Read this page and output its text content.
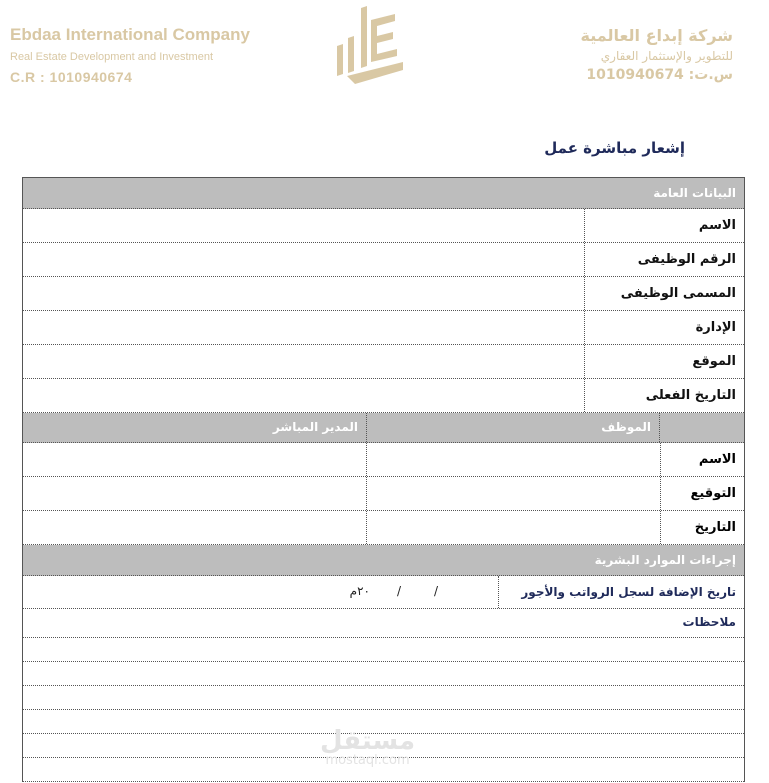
Ebdaa International Company
Real Estate Development and Investment
C.R : 1010940674
شركة إبداع العالمية
للتطوير والإستثمار العقاري
س.ت: 1010940674
إشعار مباشرة عمل
البيانات العامة
الاسم
الرقم الوظيفى
المسمى الوظيفى
الإدارة
الموقع
التاريخ الفعلى
الموظف
المدير المباشر
الاسم
التوقيع
التاريخ
إجراءات الموارد البشرية
تاريخ الإضافة لسجل الرواتب والأجور
/
/
٢٠م
ملاحظات
مستقل
mostaql.com
